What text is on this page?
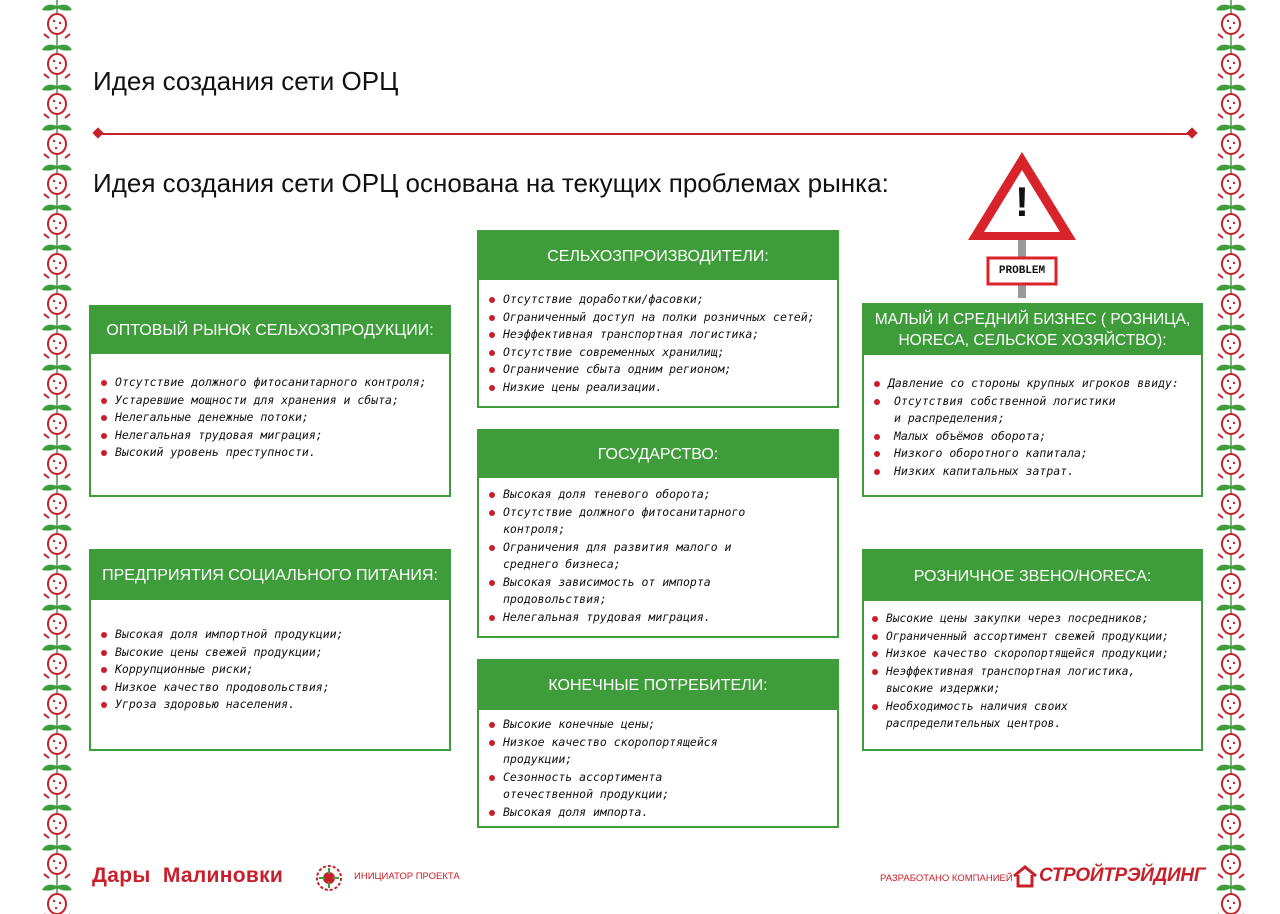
Идея создания сети ОРЦ
Идея создания сети ОРЦ основана на текущих проблемах рынка:	!
PROBLEM
ОПТОВЫЙ РЫНОК СЕЛЬХОЗПРОДУКЦИИ:
Отсутствие должного фитосанитарного контроля;
Устаревшие мощности для хранения и сбыта;
Нелегальные денежные потоки;
Нелегальная трудовая миграция;
Высокий уровень преступности.
ПРЕДПРИЯТИЯ СОЦИАЛЬНОГО ПИТАНИЯ:
Высокая доля импортной продукции;
Высокие цены свежей продукции;
Коррупционные риски;
Низкое качество продовольствия;
Угроза здоровью населения.
СЕЛЬХОЗПРОИЗВОДИТЕЛИ:
Отсутствие доработки/фасовки;
Ограниченный доступ на полки розничных сетей;
Неэффективная транспортная логистика;
Отсутствие современных хранилищ;
Ограничение сбыта одним регионом;
Низкие цены реализации.
ГОСУДАРСТВО:
Высокая доля теневого оборота;
Отсутствие должного фитосанитарного
контроля;
Ограничения для развития малого и
среднего бизнеса;
Высокая зависимость от импорта
продовольствия;
Нелегальная трудовая миграция.
КОНЕЧНЫЕ ПОТРЕБИТЕЛИ:
Высокие конечные цены;
Низкое качество скоропортящейся
продукции;
Сезонность ассортимента
отечественной продукции;
Высокая доля импорта.
МАЛЫЙ И СРЕДНИЙ БИЗНЕС ( РОЗНИЦА, HORECA, СЕЛЬСКОЕ ХОЗЯЙСТВО):
Давление со стороны крупных игроков ввиду:
Отсутствия собственной логистики
и распределения;
Малых объёмов оборота;
Низкого оборотного капитала;
Низких капитальных затрат.
РОЗНИЧНОЕ ЗВЕНО/HORECA:
Высокие цены закупки через посредников;
Ограниченный ассортимент свежей продукции;
Низкое качество скоропортящейся продукции;
Неэффективная транспортная логистика,
высокие издержки;
Необходимость наличия своих
распределительных центров.
Дары  Малиновки	ИНИЦИАТОР ПРОЕКТА	РАЗРАБОТАНО КОМПАНИЕЙ СТРОЙТРЭЙДИНГ
